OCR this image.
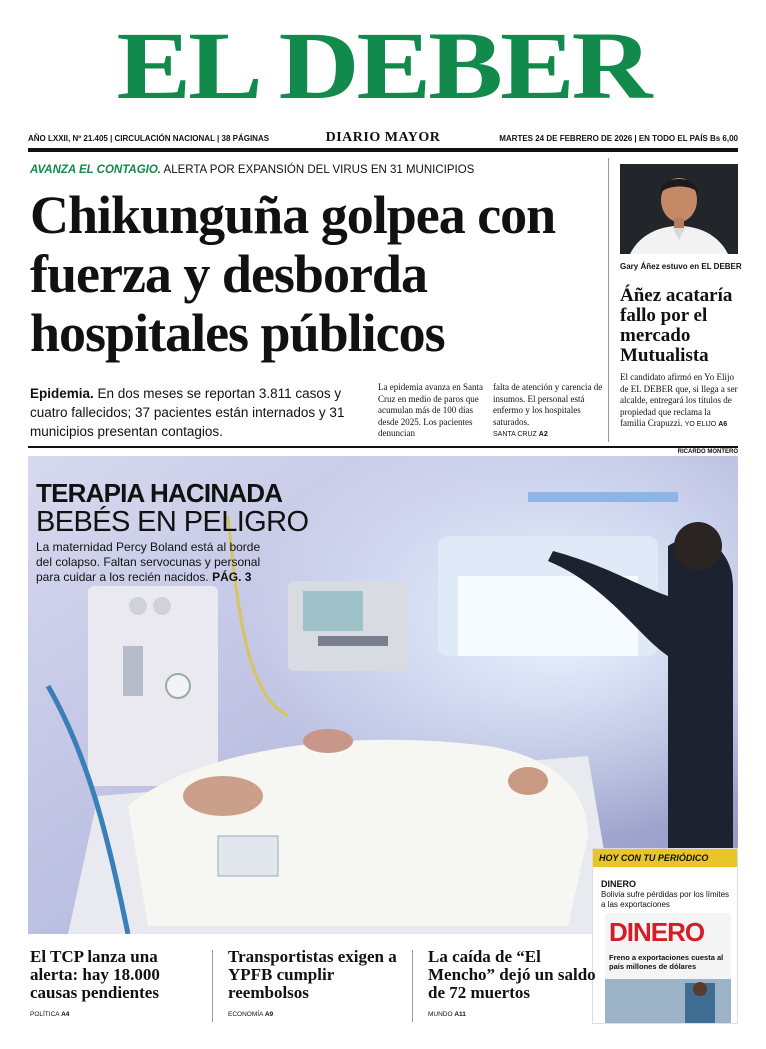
EL DEBER
AÑO LXXII, Nº 21.405 | CIRCULACIÓN NACIONAL | 38 PÁGINAS	DIARIO MAYOR	MARTES 24 DE FEBRERO DE 2026 | EN TODO EL PAÍS Bs 6,00
AVANZA EL CONTAGIO. ALERTA POR EXPANSIÓN DEL VIRUS EN 31 MUNICIPIOS
Chikunguña golpea con fuerza y desborda hospitales públicos

Epidemia. En dos meses se reportan 3.811 casos y cuatro fallecidos; 37 pacientes están internados y 31 municipios presentan contagios.

La epidemia avanza en Santa Cruz en medio de paros que acumulan más de 100 días desde 2025. Los pacientes denuncian

falta de atención y carencia de insumos. El personal está enfermo y los hospitales saturados.
SANTA CRUZ A2

Gary Áñez estuvo en EL DEBER
Áñez acataría fallo por el mercado Mutualista

El candidato afirmó en Yo Elijo de EL DEBER que, si llega a ser alcalde, entregará los títulos de propiedad que reclama la familia Crapuzzi. YO ELIJO A6

RICARDO MONTERO
TERAPIA HACINADA
BEBÉS EN PELIGRO

La maternidad Percy Boland está al borde del colapso. Faltan servocunas y personal para cuidar a los recién nacidos. PÁG. 3

HOY CON TU PERIÓDICO
DINERO
Bolivia sufre pérdidas por los límites a las exportaciones
DINERO
Freno a exportaciones cuesta al país millones de dólares
El TCP lanza una alerta: hay 18.000 causas pendientes
POLÍTICA A4
Transportistas exigen a YPFB cumplir reembolsos
ECONOMÍA A9
La caída de “El Mencho” dejó un saldo de 72 muertos
MUNDO A11
